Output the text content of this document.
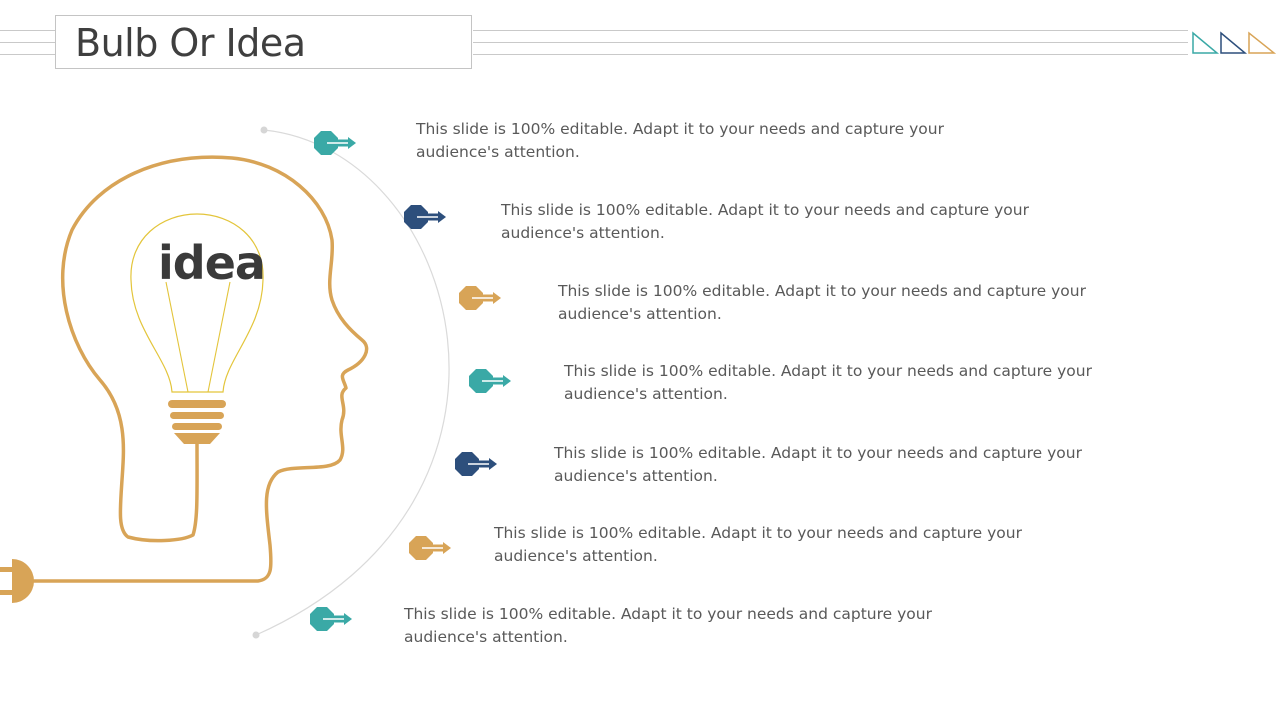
Bulb Or Idea
idea
This slide is 100% editable. Adapt it to your needs and capture your audience's attention.
This slide is 100% editable. Adapt it to your needs and capture your audience's attention.
This slide is 100% editable. Adapt it to your needs and capture your audience's attention.
This slide is 100% editable. Adapt it to your needs and capture your audience's attention.
This slide is 100% editable. Adapt it to your needs and capture your audience's attention.
This slide is 100% editable. Adapt it to your needs and capture your audience's attention.
This slide is 100% editable. Adapt it to your needs and capture your audience's attention.
